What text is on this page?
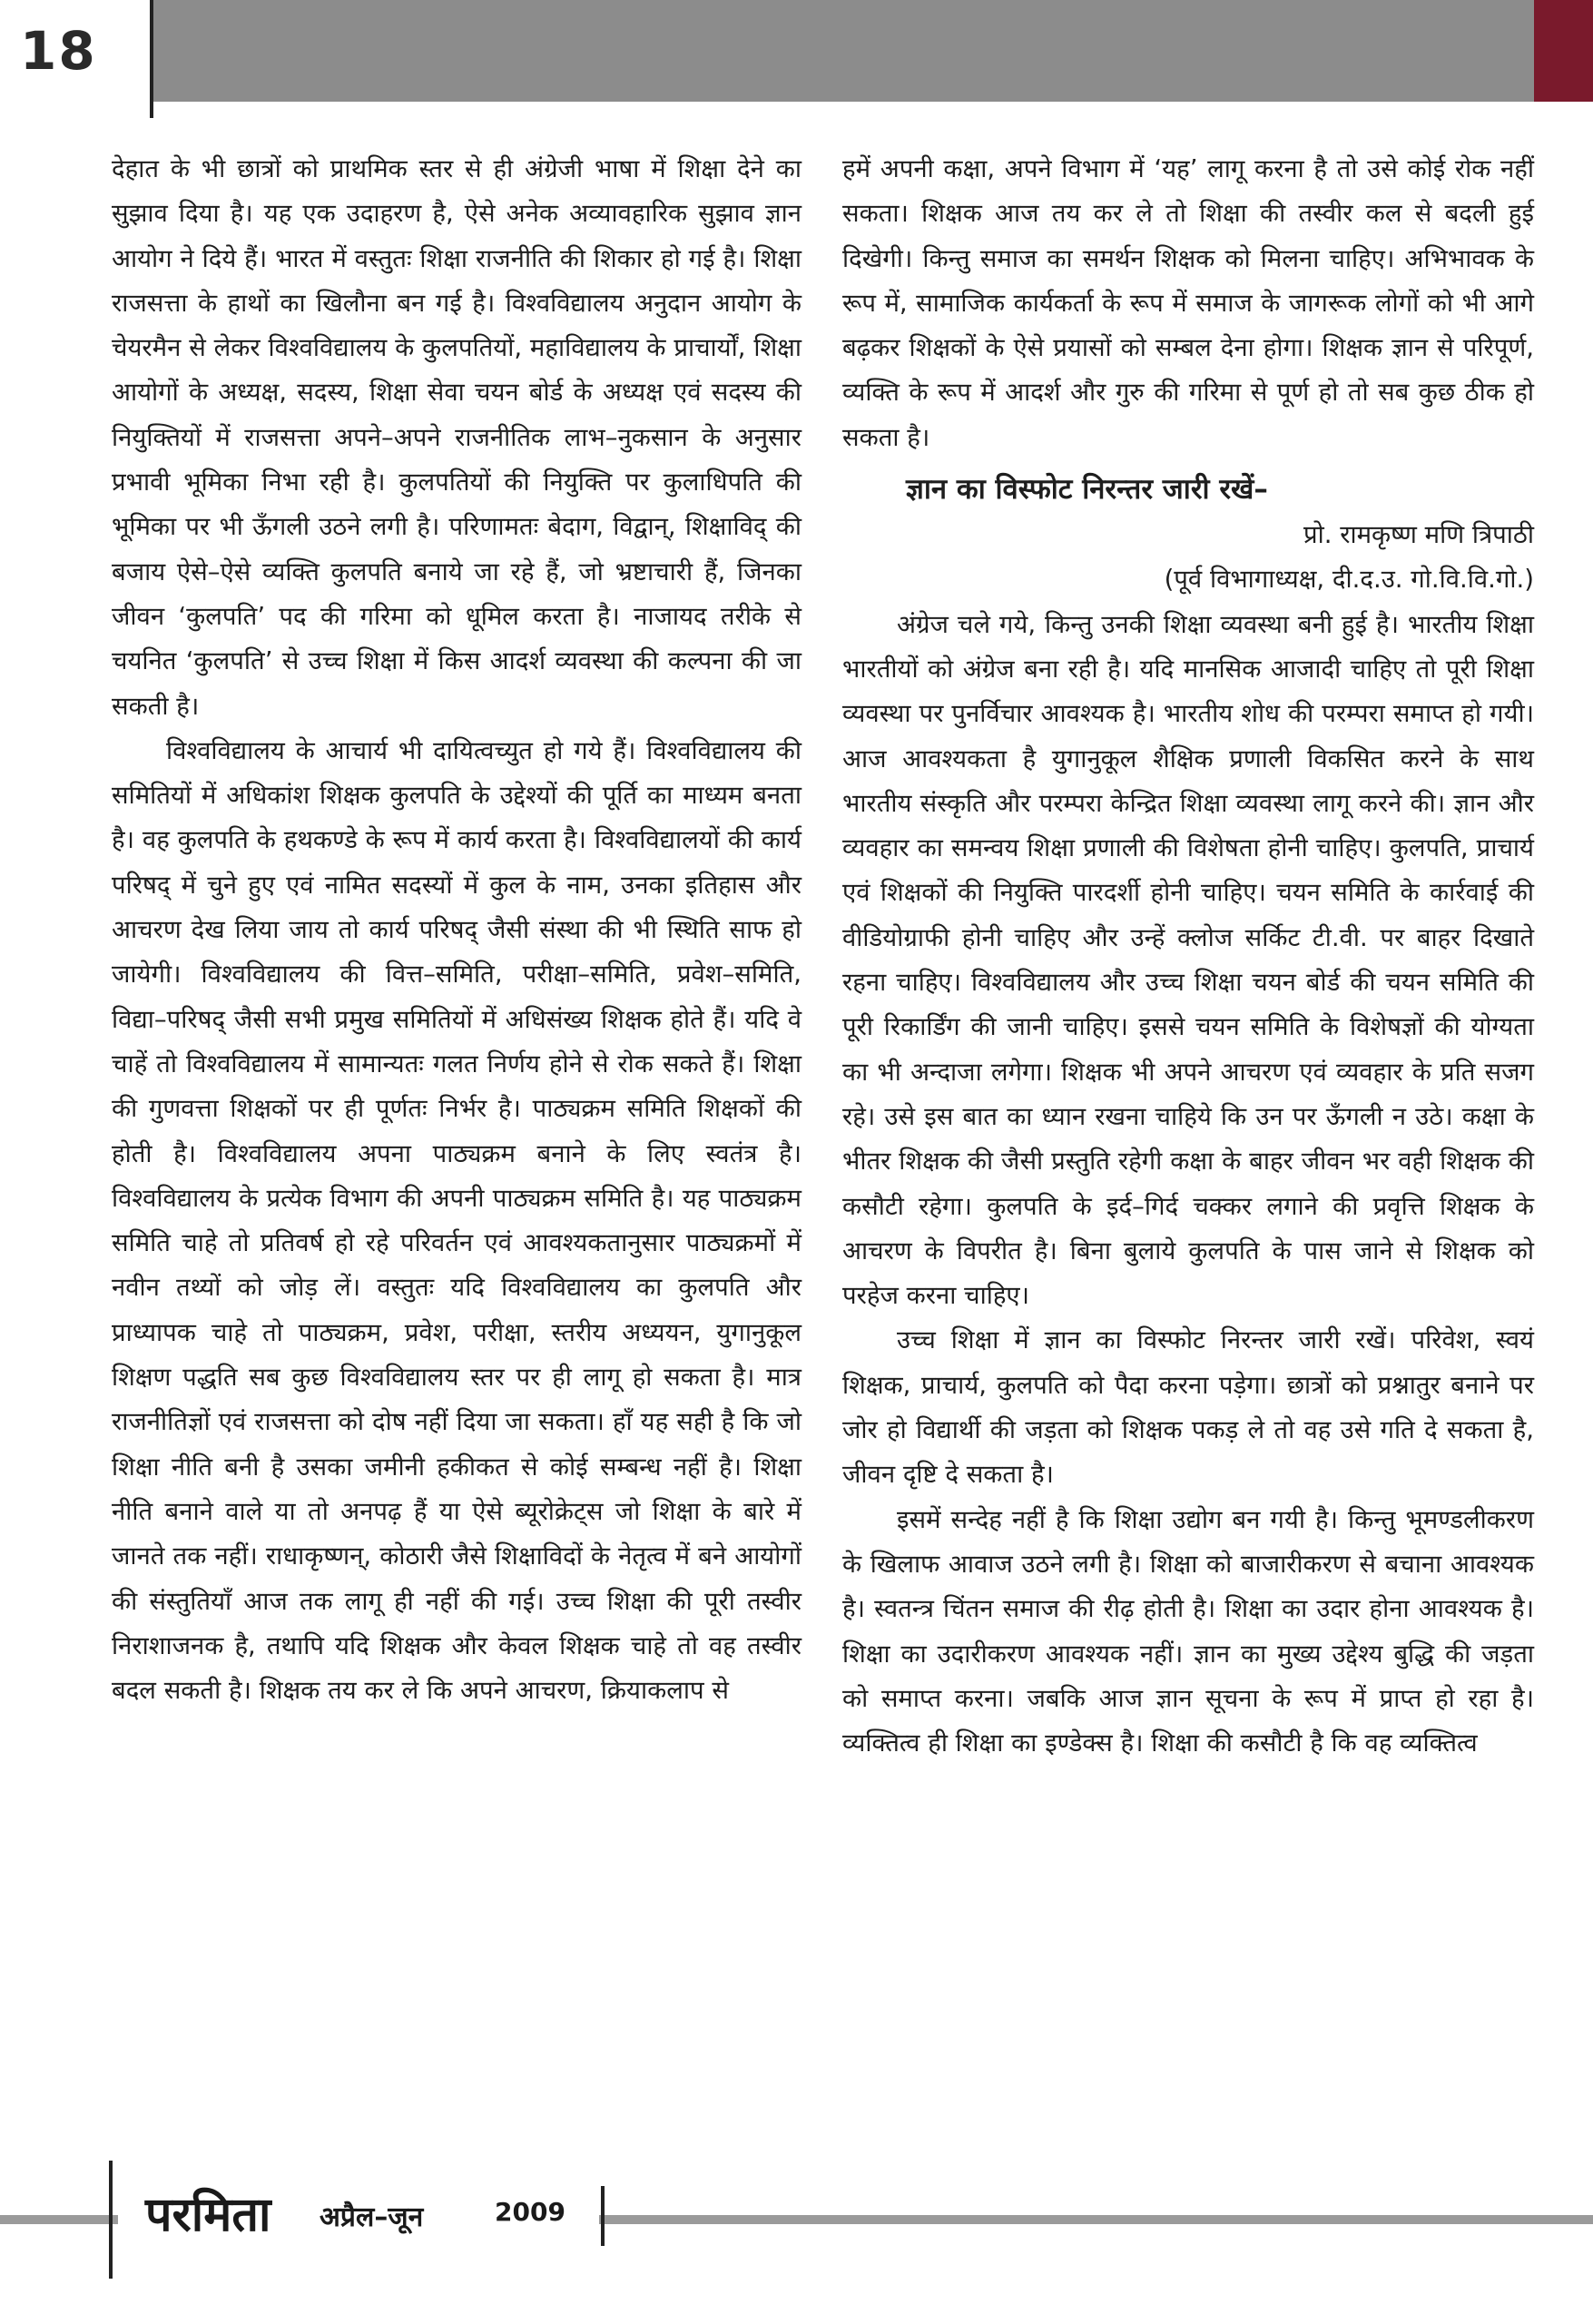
18

देहात के भी छात्रों को प्राथमिक स्तर से ही अंग्रेजी भाषा में शिक्षा देने का सुझाव दिया है। यह एक उदाहरण है, ऐसे अनेक अव्यावहारिक सुझाव ज्ञान आयोग ने दिये हैं। भारत में वस्तुतः शिक्षा राजनीति की शिकार हो गई है। शिक्षा राजसत्ता के हाथों का खिलौना बन गई है। विश्वविद्यालय अनुदान आयोग के चेयरमैन से लेकर विश्वविद्यालय के कुलपतियों, महाविद्यालय के प्राचार्यों, शिक्षा आयोगों के अध्यक्ष, सदस्य, शिक्षा सेवा चयन बोर्ड के अध्यक्ष एवं सदस्य की नियुक्तियों में राजसत्ता अपने–अपने राजनीतिक लाभ–नुकसान के अनुसार प्रभावी भूमिका निभा रही है। कुलपतियों की नियुक्ति पर कुलाधिपति की भूमिका पर भी ऊँगली उठने लगी है। परिणामतः बेदाग, विद्वान्, शिक्षाविद् की बजाय ऐसे–ऐसे व्यक्ति कुलपति बनाये जा रहे हैं, जो भ्रष्टाचारी हैं, जिनका जीवन ‘कुलपति’ पद की गरिमा को धूमिल करता है। नाजायद तरीके से चयनित ‘कुलपति’ से उच्च शिक्षा में किस आदर्श व्यवस्था की कल्पना की जा सकती है।

विश्वविद्यालय के आचार्य भी दायित्वच्युत हो गये हैं। विश्वविद्यालय की समितियों में अधिकांश शिक्षक कुलपति के उद्देश्यों की पूर्ति का माध्यम बनता है। वह कुलपति के हथकण्डे के रूप में कार्य करता है। विश्वविद्यालयों की कार्य परिषद् में चुने हुए एवं नामित सदस्यों में कुल के नाम, उनका इतिहास और आचरण देख लिया जाय तो कार्य परिषद् जैसी संस्था की भी स्थिति साफ हो जायेगी। विश्वविद्यालय की वित्त–समिति, परीक्षा–समिति, प्रवेश–समिति, विद्या–परिषद् जैसी सभी प्रमुख समितियों में अधिसंख्य शिक्षक होते हैं। यदि वे चाहें तो विश्वविद्यालय में सामान्यतः गलत निर्णय होने से रोक सकते हैं। शिक्षा की गुणवत्ता शिक्षकों पर ही पूर्णतः निर्भर है। पाठ्यक्रम समिति शिक्षकों की होती है। विश्वविद्यालय अपना पाठ्यक्रम बनाने के लिए स्वतंत्र है। विश्वविद्यालय के प्रत्येक विभाग की अपनी पाठ्यक्रम समिति है। यह पाठ्यक्रम समिति चाहे तो प्रतिवर्ष हो रहे परिवर्तन एवं आवश्यकतानुसार पाठ्यक्रमों में नवीन तथ्यों को जोड़ लें। वस्तुतः यदि विश्वविद्यालय का कुलपति और प्राध्यापक चाहे तो पाठ्यक्रम, प्रवेश, परीक्षा, स्तरीय अध्ययन, युगानुकूल शिक्षण पद्धति सब कुछ विश्वविद्यालय स्तर पर ही लागू हो सकता है। मात्र राजनीतिज्ञों एवं राजसत्ता को दोष नहीं दिया जा सकता। हाँ यह सही है कि जो शिक्षा नीति बनी है उसका जमीनी हकीकत से कोई सम्बन्ध नहीं है। शिक्षा नीति बनाने वाले या तो अनपढ़ हैं या ऐसे ब्यूरोक्रेट्स जो शिक्षा के बारे में जानते तक नहीं। राधाकृष्णन्, कोठारी जैसे शिक्षाविदों के नेतृत्व में बने आयोगों की संस्तुतियाँ आज तक लागू ही नहीं की गई। उच्च शिक्षा की पूरी तस्वीर निराशाजनक है, तथापि यदि शिक्षक और केवल शिक्षक चाहे तो वह तस्वीर बदल सकती है। शिक्षक तय कर ले कि अपने आचरण, क्रियाकलाप से

हमें अपनी कक्षा, अपने विभाग में ‘यह’ लागू करना है तो उसे कोई रोक नहीं सकता। शिक्षक आज तय कर ले तो शिक्षा की तस्वीर कल से बदली हुई दिखेगी। किन्तु समाज का समर्थन शिक्षक को मिलना चाहिए। अभिभावक के रूप में, सामाजिक कार्यकर्ता के रूप में समाज के जागरूक लोगों को भी आगे बढ़कर शिक्षकों के ऐसे प्रयासों को सम्बल देना होगा। शिक्षक ज्ञान से परिपूर्ण, व्यक्ति के रूप में आदर्श और गुरु की गरिमा से पूर्ण हो तो सब कुछ ठीक हो सकता है।

ज्ञान का विस्फोट निरन्तर जारी रखें–

प्रो. रामकृष्ण मणि त्रिपाठी

(पूर्व विभागाध्यक्ष, दी.द.उ. गो.वि.वि.गो.)

अंग्रेज चले गये, किन्तु उनकी शिक्षा व्यवस्था बनी हुई है। भारतीय शिक्षा भारतीयों को अंग्रेज बना रही है। यदि मानसिक आजादी चाहिए तो पूरी शिक्षा व्यवस्था पर पुनर्विचार आवश्यक है। भारतीय शोध की परम्परा समाप्त हो गयी। आज आवश्यकता है युगानुकूल शैक्षिक प्रणाली विकसित करने के साथ भारतीय संस्कृति और परम्परा केन्द्रित शिक्षा व्यवस्था लागू करने की। ज्ञान और व्यवहार का समन्वय शिक्षा प्रणाली की विशेषता होनी चाहिए। कुलपति, प्राचार्य एवं शिक्षकों की नियुक्ति पारदर्शी होनी चाहिए। चयन समिति के कार्रवाई की वीडियोग्राफी होनी चाहिए और उन्हें क्लोज सर्किट टी.वी. पर बाहर दिखाते रहना चाहिए। विश्वविद्यालय और उच्च शिक्षा चयन बोर्ड की चयन समिति की पूरी रिकार्डिंग की जानी चाहिए। इससे चयन समिति के विशेषज्ञों की योग्यता का भी अन्दाजा लगेगा। शिक्षक भी अपने आचरण एवं व्यवहार के प्रति सजग रहे। उसे इस बात का ध्यान रखना चाहिये कि उन पर ऊँगली न उठे। कक्षा के भीतर शिक्षक की जैसी प्रस्तुति रहेगी कक्षा के बाहर जीवन भर वही शिक्षक की कसौटी रहेगा। कुलपति के इर्द–गिर्द चक्कर लगाने की प्रवृत्ति शिक्षक के आचरण के विपरीत है। बिना बुलाये कुलपति के पास जाने से शिक्षक को परहेज करना चाहिए।

उच्च शिक्षा में ज्ञान का विस्फोट निरन्तर जारी रखें। परिवेश, स्वयं शिक्षक, प्राचार्य, कुलपति को पैदा करना पड़ेगा। छात्रों को प्रश्नातुर बनाने पर जोर हो विद्यार्थी की जड़ता को शिक्षक पकड़ ले तो वह उसे गति दे सकता है, जीवन दृष्टि दे सकता है।

इसमें सन्देह नहीं है कि शिक्षा उद्योग बन गयी है। किन्तु भूमण्डलीकरण के खिलाफ आवाज उठने लगी है। शिक्षा को बाजारीकरण से बचाना आवश्यक है। स्वतन्त्र चिंतन समाज की रीढ़ होती है। शिक्षा का उदार होना आवश्यक है। शिक्षा का उदारीकरण आवश्यक नहीं। ज्ञान का मुख्य उद्देश्य बुद्धि की जड़ता को समाप्त करना। जबकि आज ज्ञान सूचना के रूप में प्राप्त हो रहा है। व्यक्तित्व ही शिक्षा का इण्डेक्स है। शिक्षा की कसौटी है कि वह व्यक्तित्व

परमिता अप्रैल–जून	2009
